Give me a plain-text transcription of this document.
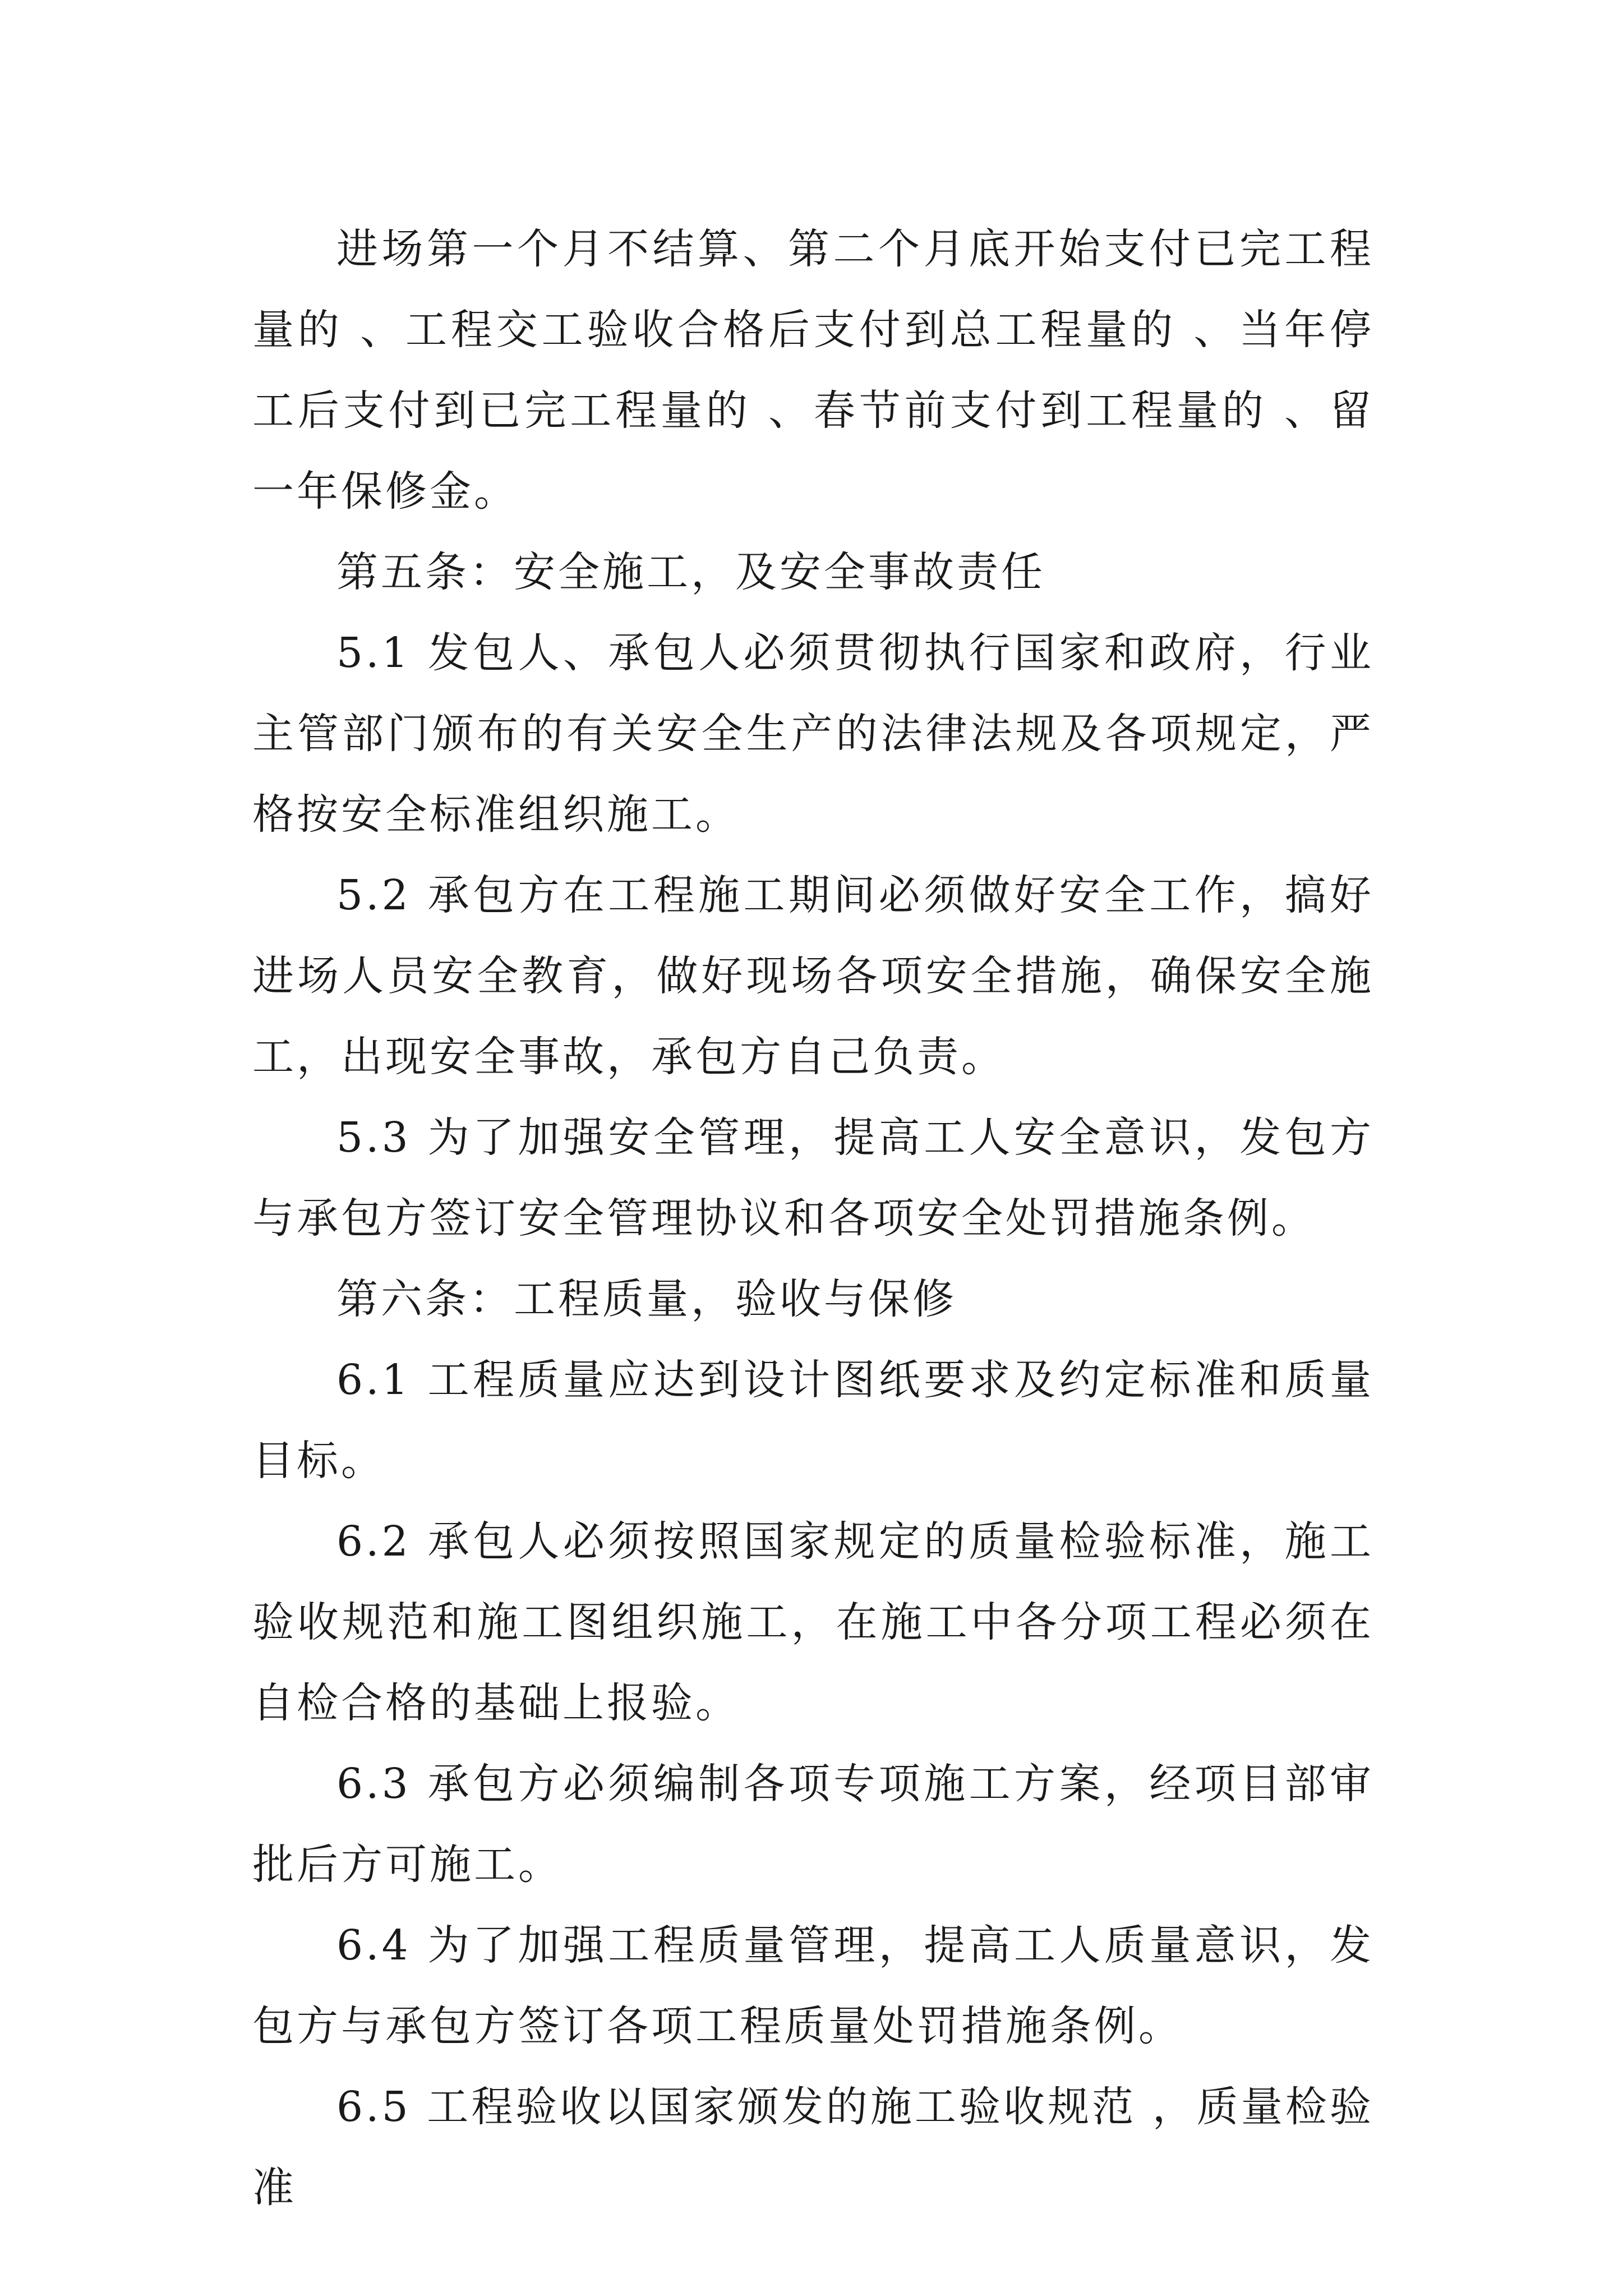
进场第一个月不结算、第二个月底开始支付已完工程量的 、工程交工验收合格后支付到总工程量的 、当年停工后支付到已完工程量的 、春节前支付到工程量的 、留 一年保修金。

第五条：安全施工，及安全事故责任

5.1 发包人、承包人必须贯彻执行国家和政府，行业主管部门颁布的有关安全生产的法律法规及各项规定，严格按安全标准组织施工。

5.2 承包方在工程施工期间必须做好安全工作，搞好进场人员安全教育，做好现场各项安全措施，确保安全施工，出现安全事故，承包方自己负责。

5.3 为了加强安全管理，提高工人安全意识，发包方与承包方签订安全管理协议和各项安全处罚措施条例。

第六条：工程质量，验收与保修

6.1 工程质量应达到设计图纸要求及约定标准和质量目标。

6.2 承包人必须按照国家规定的质量检验标准，施工验收规范和施工图组织施工，在施工中各分项工程必须在自检合格的基础上报验。

6.3 承包方必须编制各项专项施工方案，经项目部审批后方可施工。

6.4 为了加强工程质量管理，提高工人质量意识，发包方与承包方签订各项工程质量处罚措施条例。

6.5 工程验收以国家颁发的施工验收规范 ，质量检验准
